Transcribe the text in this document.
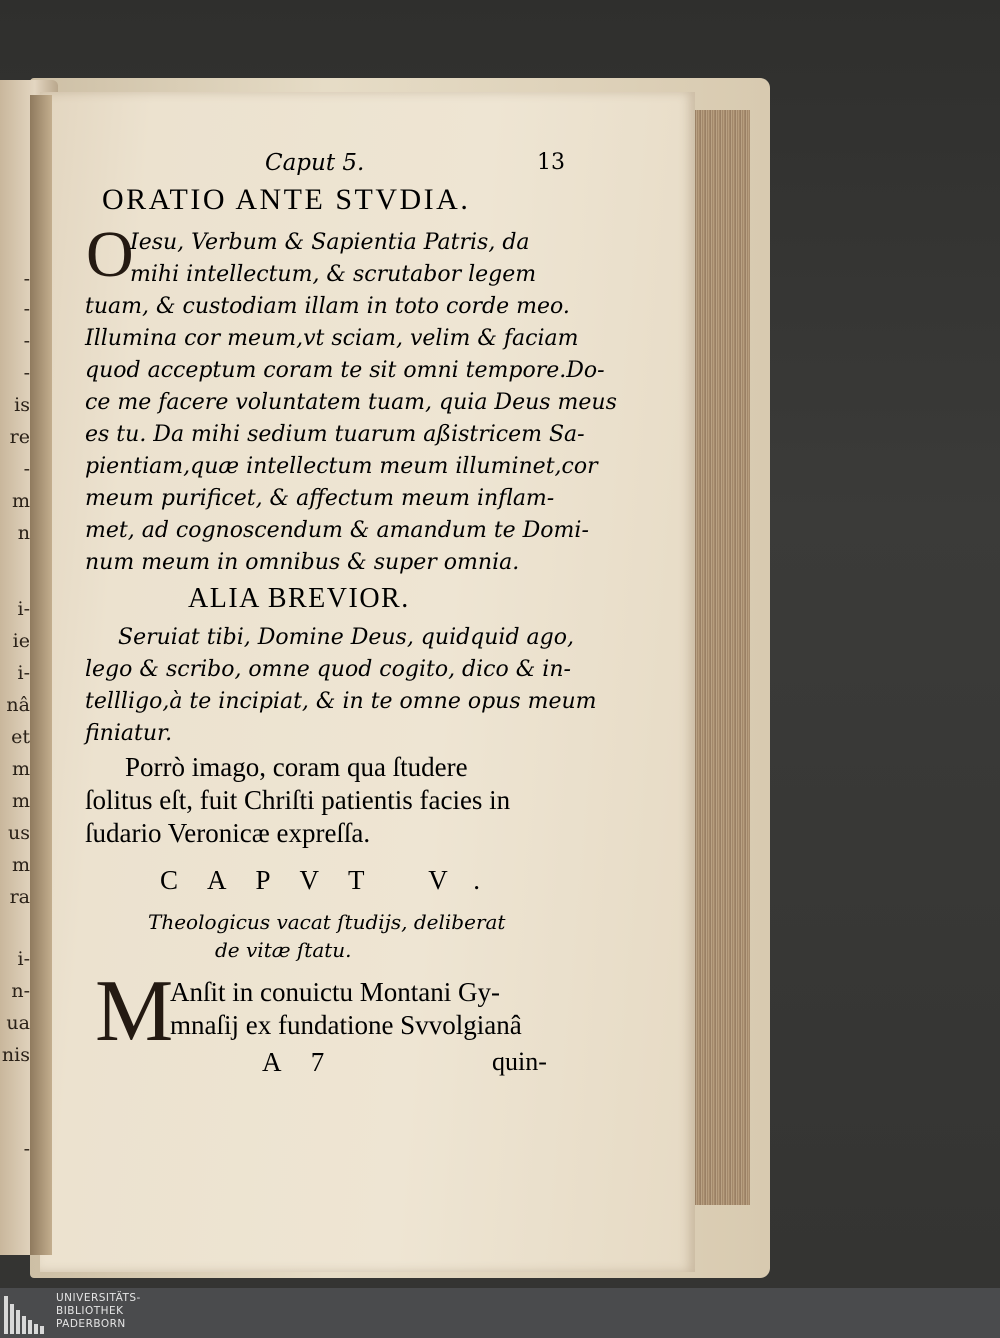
-
-
-
-
is
re
-
m
n
i-
ie
i-
nâ
et
m
m
us
m
ra
i-
n-
ua
nis
-
Caput 5.	13
ORATIO ANTE STVDIA.
O
Iesu, Verbum & Sapientia Patris, da
mihi intellectum, & scrutabor legem
tuam, & custodiam illam in toto corde meo.
Illumina cor meum,vt sciam, velim & faciam
quod acceptum coram te sit omni tempore.Do-
ce me facere voluntatem tuam, quia Deus meus
es tu. Da mihi sedium tuarum aßistricem Sa-
pientiam,quæ intellectum meum illuminet,cor
meum purificet, & affectum meum inflam-
met, ad cognoscendum & amandum te Domi-
num meum in omnibus & super omnia.
ALIA BREVIOR.
Seruiat tibi, Domine Deus, quidquid ago,
lego & scribo, omne quod cogito, dico & in-
tellligo,à te incipiat, & in te omne opus meum
finiatur.
Porrò imago, coram qua ſtudere
ſolitus eſt, fuit Chriſti patientis facies in
ſudario Veronicæ expreſſa.
CAPVT V.
Theologicus vacat ſtudijs, deliberat
de vitæ ſtatu.
M
Anſit in conuictu Montani Gy-
mnaſij ex fundatione Svvolgianâ
A 7	quin-
UNIVERSITÄTS-
BIBLIOTHEK
PADERBORN
